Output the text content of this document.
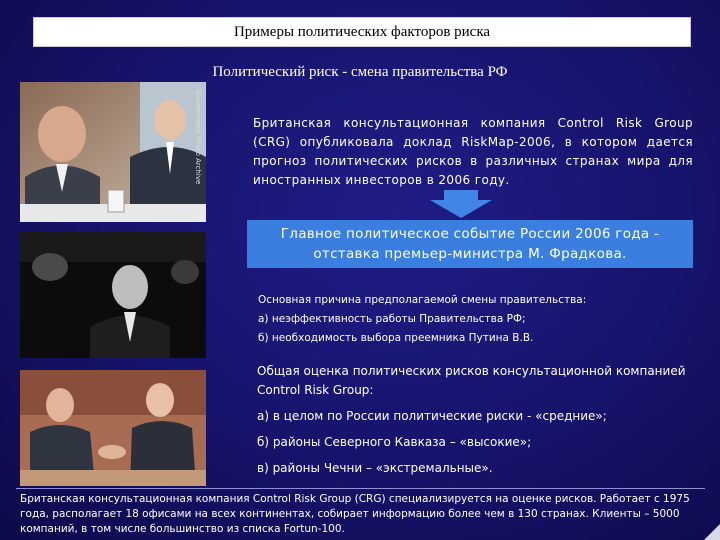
Примеры политических факторов риска
Политический риск - смена правительства РФ
Government Photo Archive	Британская консультационная компания Control Risk Group (CRG) опубликовала доклад RiskMap-2006, в котором дается прогноз политических рисков в различных странах мира для иностранных инвесторов в 2006 году.
Главное политическое событие России 2006 года -
отставка премьер-министра М. Фрадкова.
Основная причина предполагаемой смены правительства:
а) неэффективность работы Правительства РФ;
б) необходимость выбора преемника Путина В.В.
Общая оценка политических рисков консультационной компанией Control Risk Group:
а) в целом по России политические риски - «средние»;
б) районы Северного Кавказа – «высокие»;
в) районы Чечни – «экстремальные».
Британская консультационная компания Control Risk Group (CRG) специализируется на оценке рисков. Работает с 1975 года, располагает 18 офисами на всех континентах, собирает информацию более чем в 130 странах. Клиенты – 5000 компаний, в том числе большинство из списка Fortun-100.
